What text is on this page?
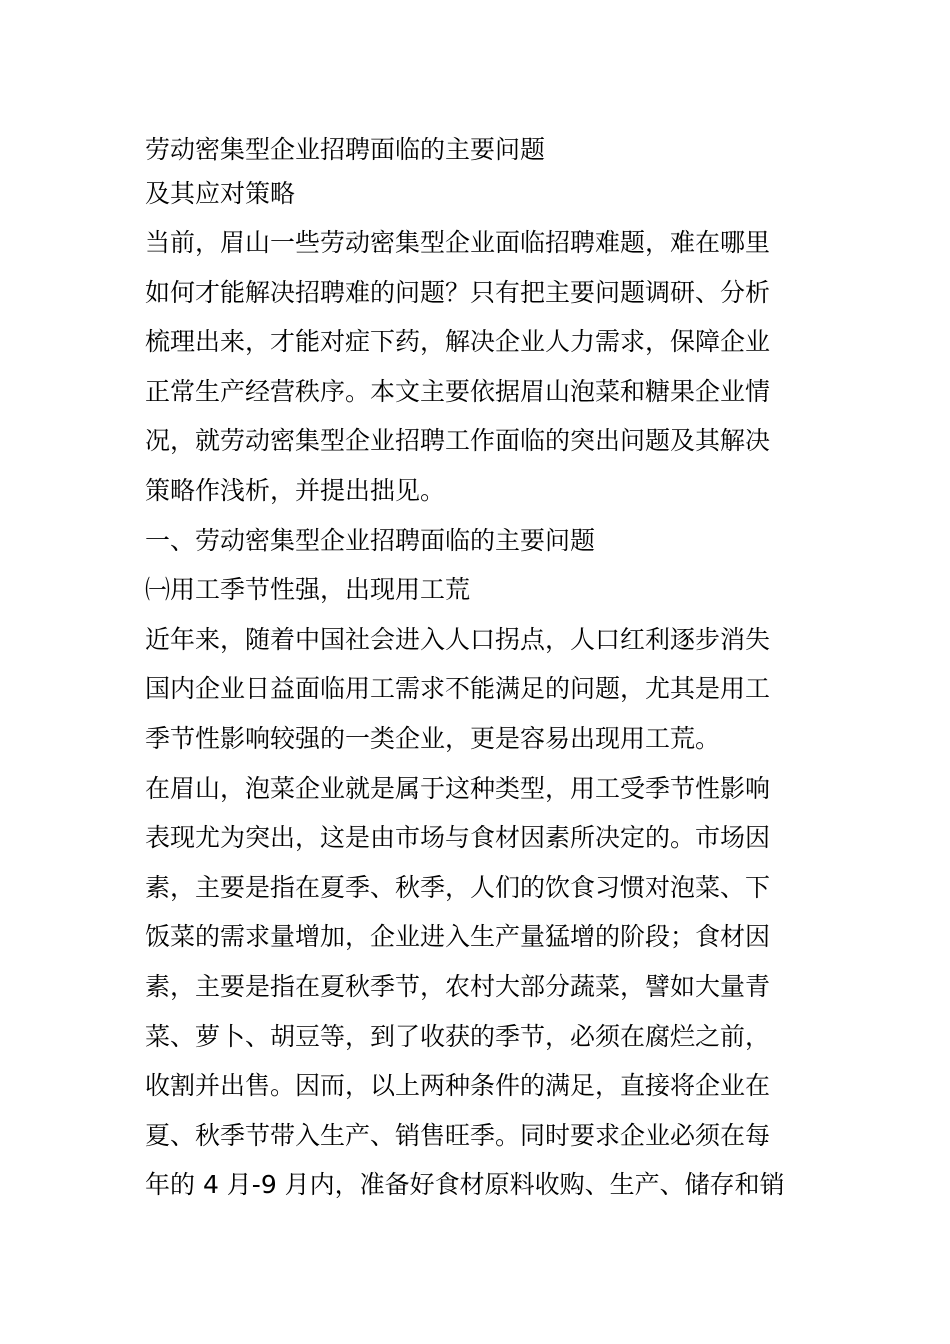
劳动密集型企业招聘面临的主要问题
及其应对策略
当前，眉山一些劳动密集型企业面临招聘难题，难在哪里
如何才能解决招聘难的问题？只有把主要问题调研、分析
梳理出来，才能对症下药，解决企业人力需求，保障企业
正常生产经营秩序。本文主要依据眉山泡菜和糖果企业情
况，就劳动密集型企业招聘工作面临的突出问题及其解决
策略作浅析，并提出拙见。
一、劳动密集型企业招聘面临的主要问题
㈠用工季节性强，出现用工荒
近年来，随着中国社会进入人口拐点，人口红利逐步消失
国内企业日益面临用工需求不能满足的问题，尤其是用工
季节性影响较强的一类企业，更是容易出现用工荒。
在眉山，泡菜企业就是属于这种类型，用工受季节性影响
表现尤为突出，这是由市场与食材因素所决定的。市场因
素，主要是指在夏季、秋季，人们的饮食习惯对泡菜、下
饭菜的需求量增加，企业进入生产量猛增的阶段；食材因
素，主要是指在夏秋季节，农村大部分蔬菜，譬如大量青
菜、萝卜、胡豆等，到了收获的季节，必须在腐烂之前，
收割并出售。因而，以上两种条件的满足，直接将企业在
夏、秋季节带入生产、销售旺季。同时要求企业必须在每
年的 4 月-9 月内，准备好食材原料收购、生产、储存和销
